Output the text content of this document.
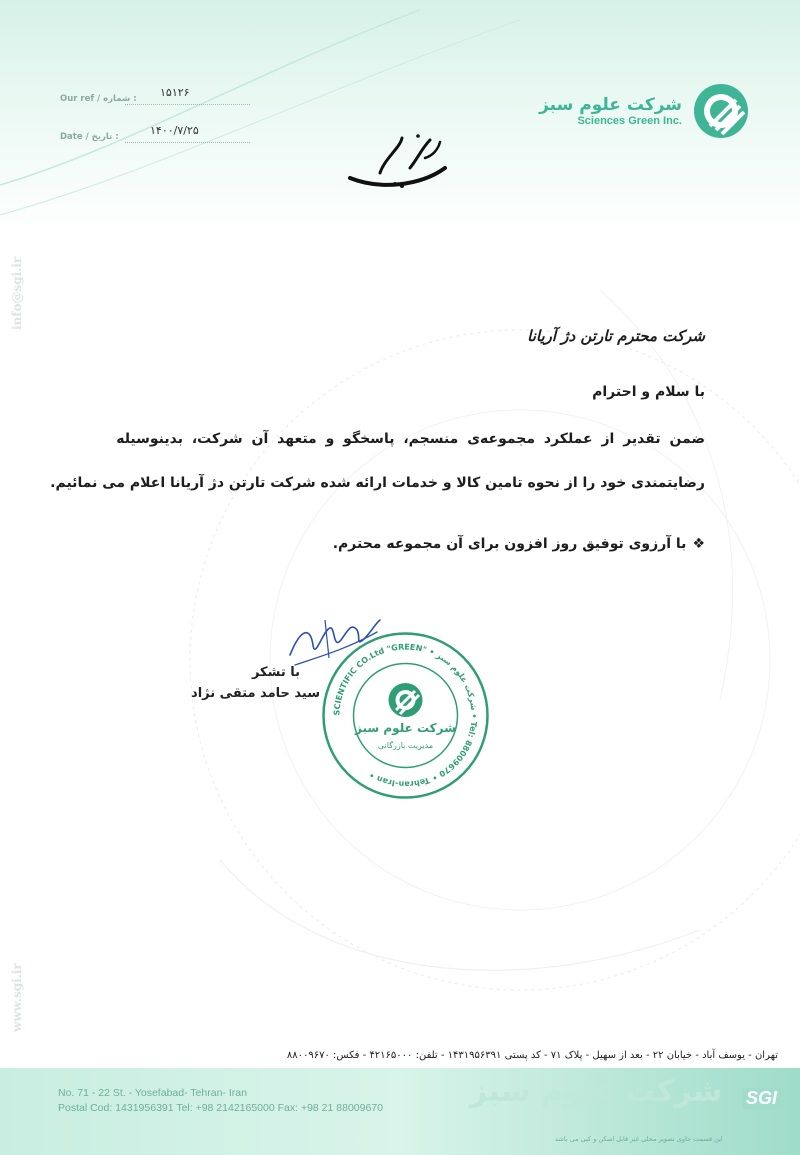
Our ref / شماره : ۱۵۱۲۶
Date / تاریخ :	۱۴۰۰/۷/۲۵
شرکت علوم سبز
Sciences Green Inc.
info@sgi.ir
www.sgi.ir
شرکت محترم تارتن دژ آریانا
با سلام و احترام
ضمن تقدیر از عملکرد مجموعه‌ی منسجم، پاسخگو و متعهد آن شرکت، بدینوسیله
رضایتمندی خود را از نحوه تامین کالا و خدمات ارائه شده شرکت تارتن دژ آریانا اعلام می نمائیم.
❖با آرزوی توفیق روز افزون برای آن مجموعه محترم.
با تشکر
سید حامد متقی نژاد
SCIENTIFIC CO.Ltd "GREEN" • شرکت علوم سبز • Tel: 88009670 • Tehran-Iran •
شرکت علوم سبز
مدیریت بازرگانی
تهران - یوسف آباد - خیابان ۲۲ - بعد از سهیل - پلاک ۷۱ - کد پستی ۱۴۳۱۹۵۶۳۹۱ - تلفن: ۴۲۱۶۵۰۰۰ - فکس: ۸۸۰۰۹۶۷۰
شرکت علوم سبز
No. 71 - 22 St. - Yosefabad- Tehran- Iran
Postal Cod: 1431956391 Tel: +98 2142165000 Fax: +98 21 88009670	SGI
این قسمت حاوی تصویر محلی غیر قابل اسکن و کپی می باشد
